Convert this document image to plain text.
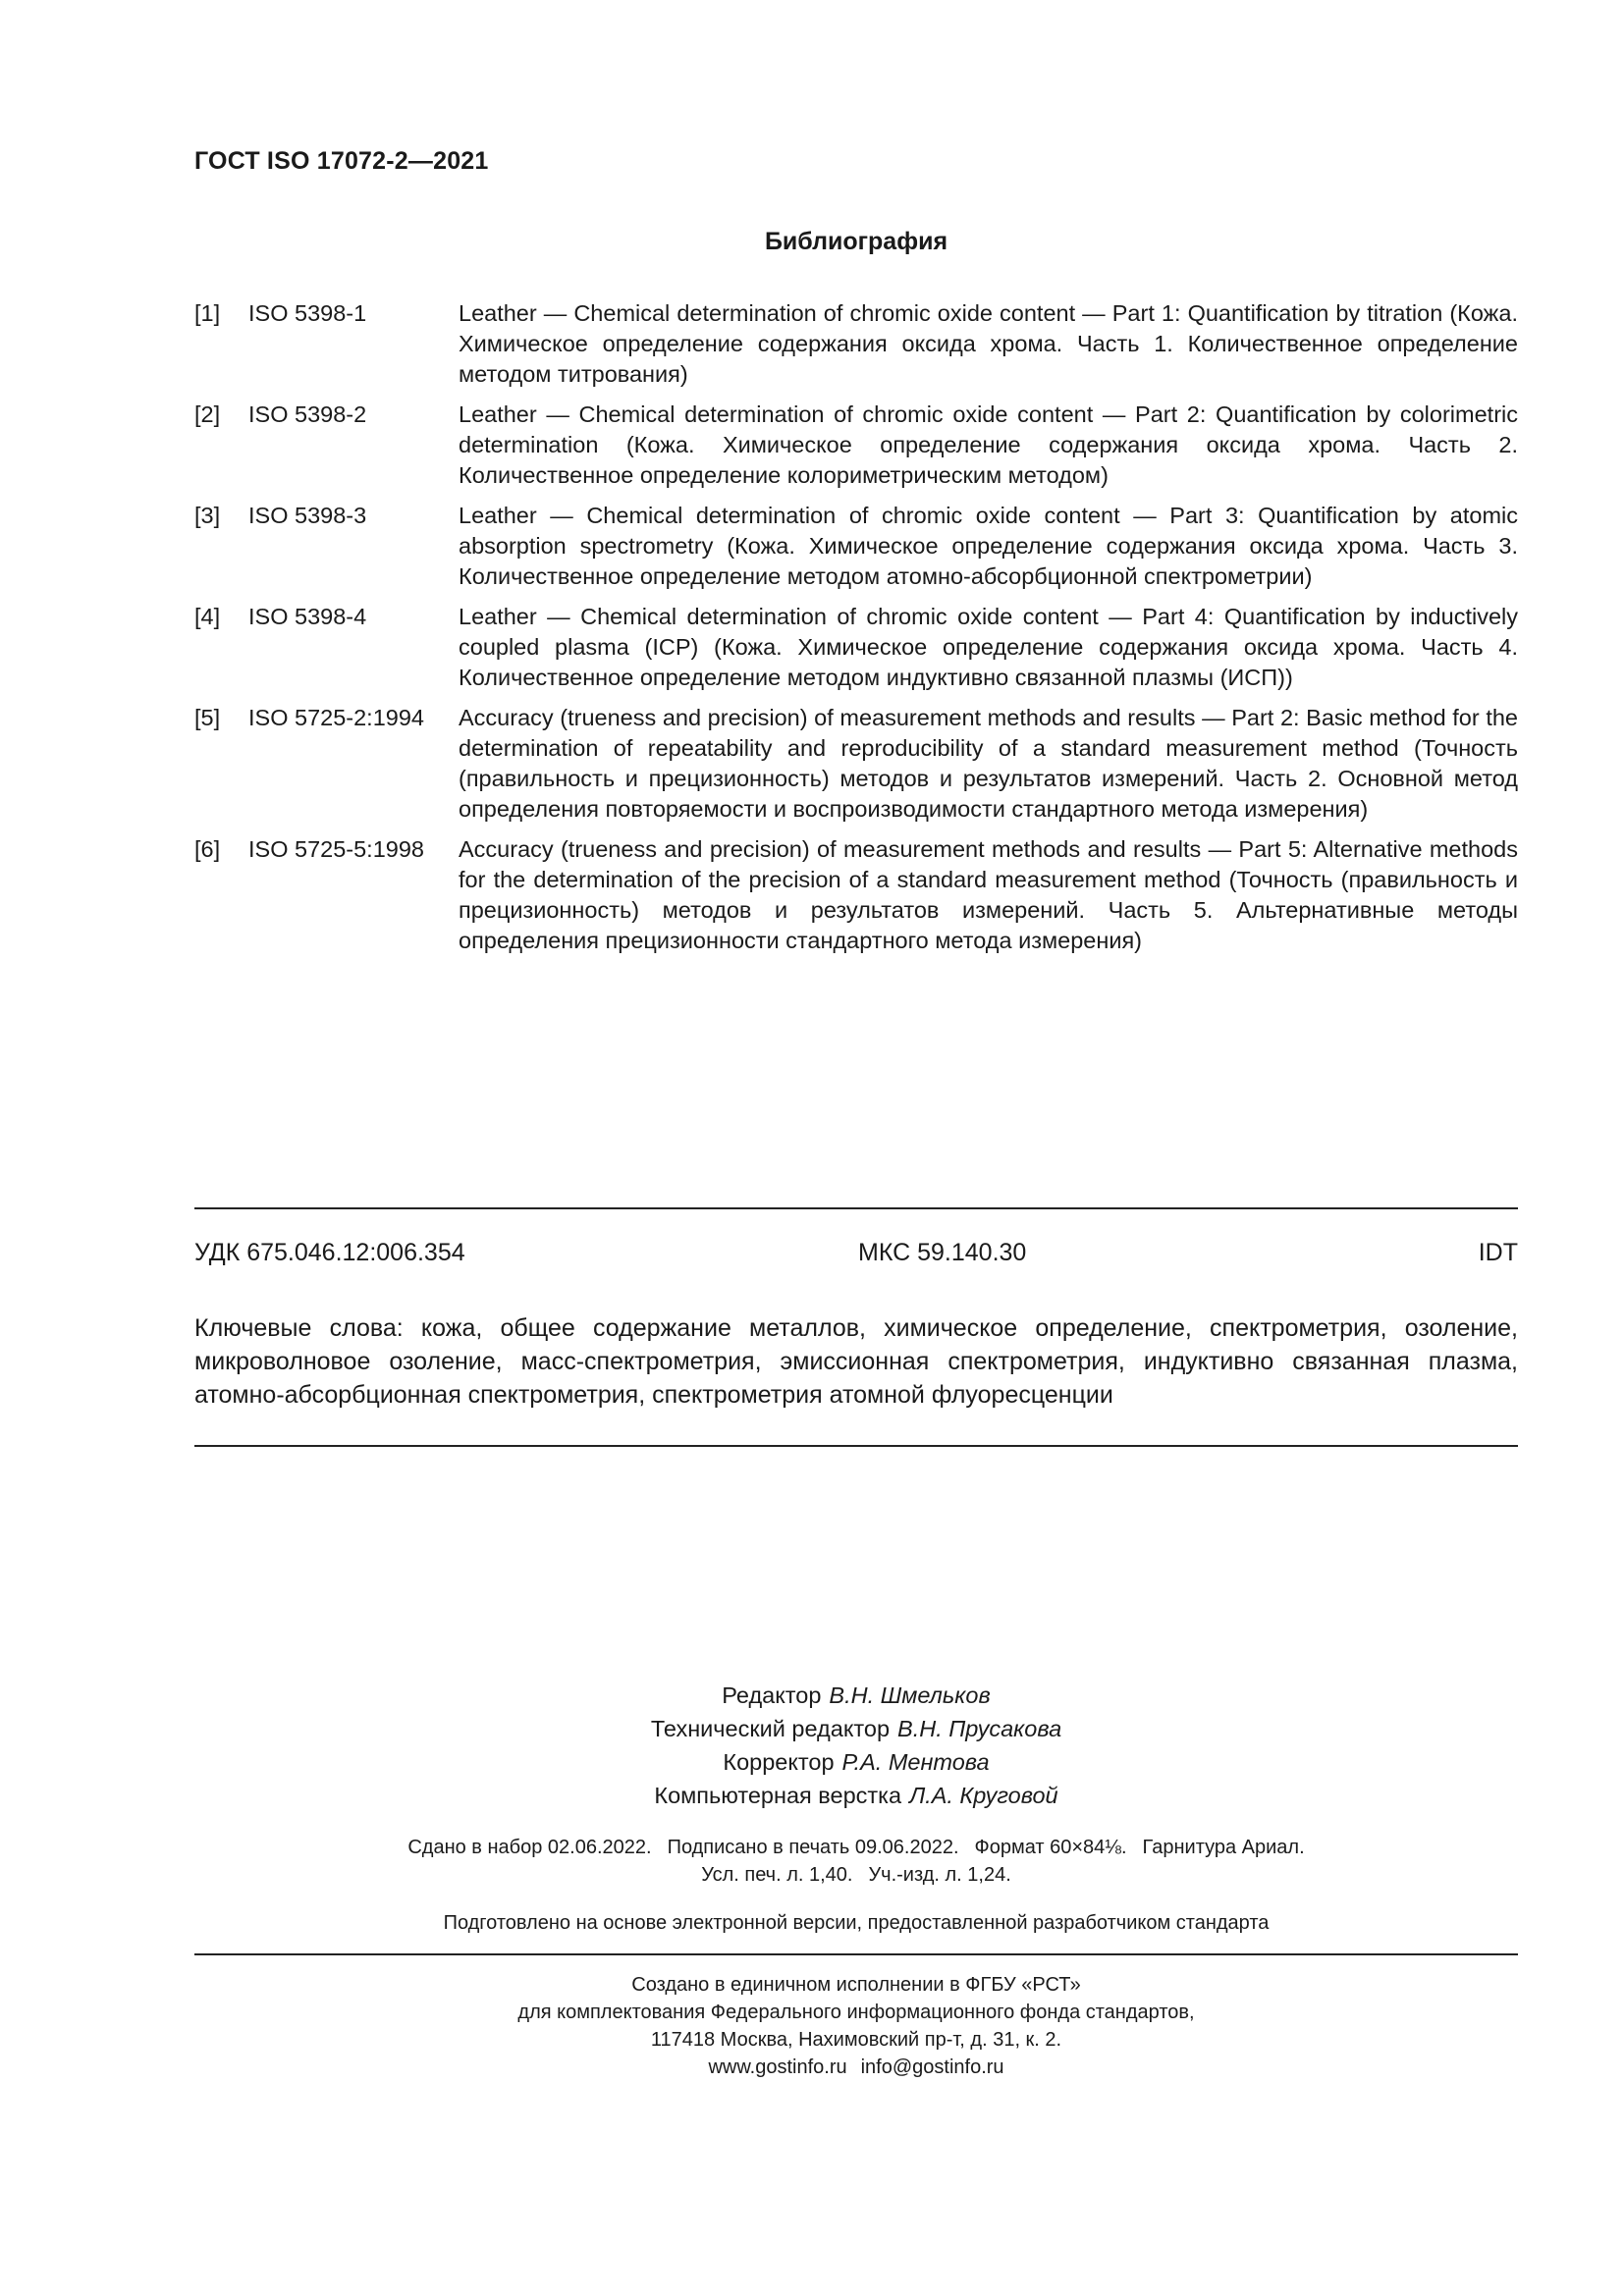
ГОСТ ISO 17072-2—2021
Библиография
[1]	ISO 5398-1	Leather — Chemical determination of chromic oxide content — Part 1: Quantification by titration (Кожа. Химическое определение содержания оксида хрома. Часть 1. Количественное определение методом титрования)
[2]	ISO 5398-2	Leather — Chemical determination of chromic oxide content — Part 2: Quantification by colorimetric determination (Кожа. Химическое определение содержания оксида хрома. Часть 2. Количественное определение колориметрическим методом)
[3]	ISO 5398-3	Leather — Chemical determination of chromic oxide content — Part 3: Quantification by atomic absorption spectrometry (Кожа. Химическое определение содержания оксида хрома. Часть 3. Количественное определение методом атомно-абсорбционной спектрометрии)
[4]	ISO 5398-4	Leather — Chemical determination of chromic oxide content — Part 4: Quantification by inductively coupled plasma (ICP) (Кожа. Химическое определение содержания оксида хрома. Часть 4. Количественное определение методом индуктивно связанной плазмы (ИСП))
[5]	ISO 5725-2:1994	Accuracy (trueness and precision) of measurement methods and results — Part 2: Basic method for the determination of repeatability and reproducibility of a standard measurement method (Точность (правильность и прецизионность) методов и результатов измерений. Часть 2. Основной метод определения повторяемости и воспроизводимости стандартного метода измерения)
[6]	ISO 5725-5:1998	Accuracy (trueness and precision) of measurement methods and results — Part 5: Alternative methods for the determination of the precision of a standard measurement method (Точность (правильность и прецизионность) методов и результатов измерений. Часть 5. Альтернативные методы определения прецизионности стандартного метода измерения)
УДК 675.046.12:006.354	МКС 59.140.30	IDT
Ключевые слова: кожа, общее содержание металлов, химическое определение, спектрометрия, озоление, микроволновое озоление, масс-спектрометрия, эмиссионная спектрометрия, индуктивно связанная плазма, атомно-абсорбционная спектрометрия, спектрометрия атомной флуоресценции
Редактор В.Н. Шмельков
Технический редактор В.Н. Прусакова
Корректор Р.А. Ментова
Компьютерная верстка Л.А. Круговой
Сдано в набор 02.06.2022. Подписано в печать 09.06.2022. Формат 60×84⅛. Гарнитура Ариал.
Усл. печ. л. 1,40. Уч.-изд. л. 1,24.
Подготовлено на основе электронной версии, предоставленной разработчиком стандарта
Создано в единичном исполнении в ФГБУ «РСТ»
для комплектования Федерального информационного фонда стандартов,
117418 Москва, Нахимовский пр-т, д. 31, к. 2.
www.gostinfo.ru info@gostinfo.ru
